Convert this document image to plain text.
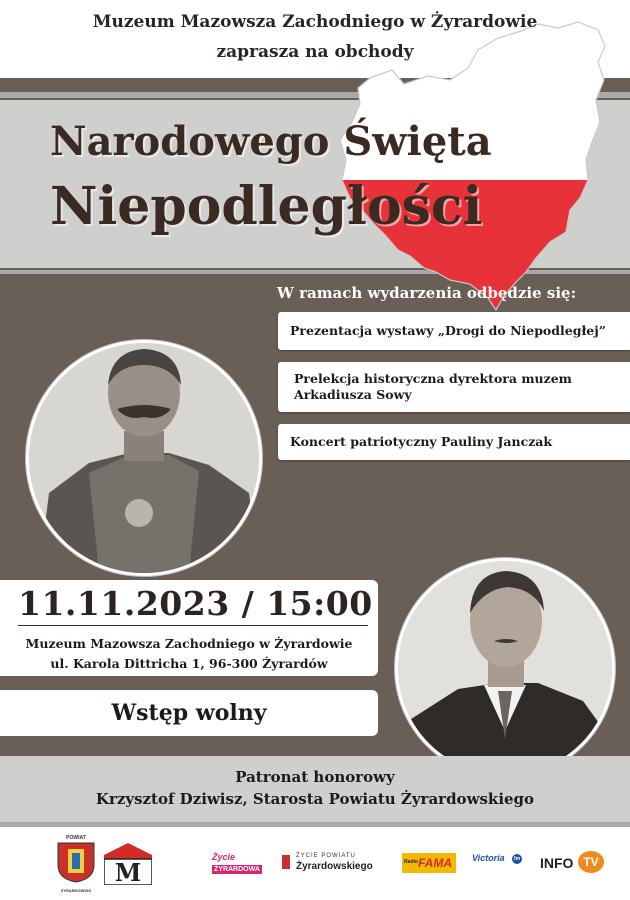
Muzeum Mazowsza Zachodniego w Żyrardowie
zaprasza na obchody
Narodowego Święta
Niepodległości
W ramach wydarzenia odbędzie się:
Prezentacja wystawy „Drogi do Niepodległej”
Prelekcja historyczna dyrektora muzem
Arkadiusza Sowy
Koncert patriotyczny Pauliny Janczak
11.11.2023 / 15:00
Muzeum Mazowsza Zachodniego w Żyrardowie
ul. Karola Dittricha 1, 96-300 Żyrardów
Wstęp wolny
Patronat honorowy
Krzysztof Dziwisz, Starosta Powiatu Żyrardowskiego
POWIAT
ŻYRARDOWSKI
M
Życie
ŻYRARDOWA
ŻYCIE POWIATU
Żyrardowskiego	Radio FAMA Victoria	fm INFO TV
